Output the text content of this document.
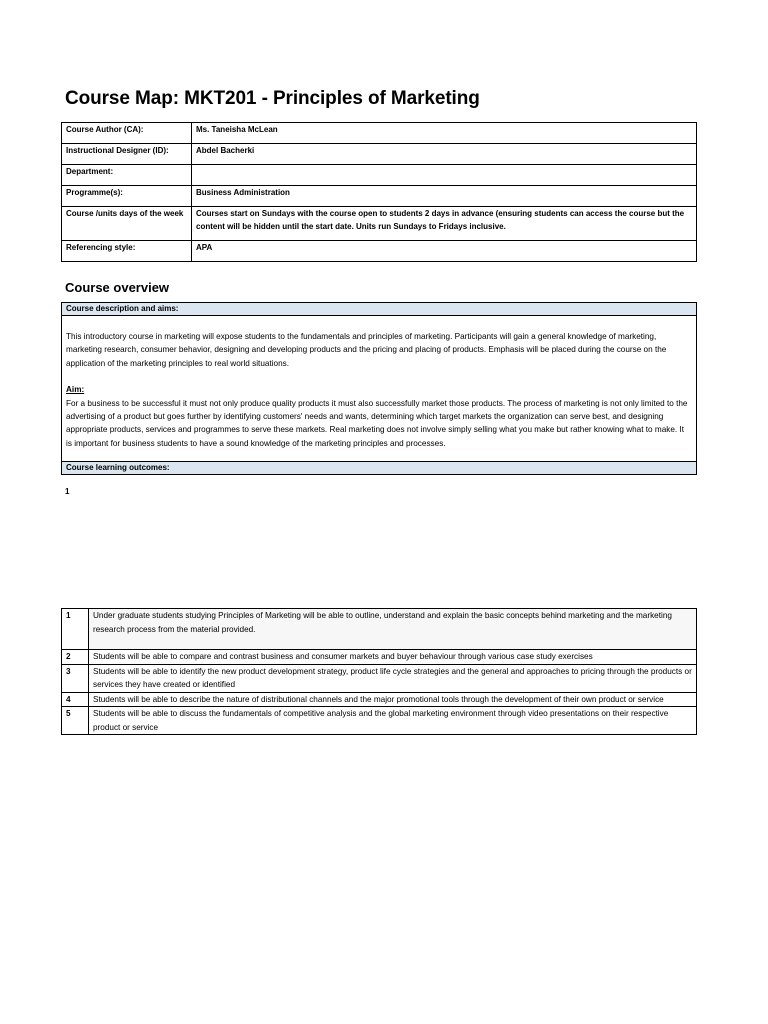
Course Map: MKT201 - Principles of Marketing
Course Author (CA):	Ms. Taneisha McLean
Instructional Designer (ID):	Abdel Bacherki
Department:	
Programme(s):	Business Administration
Course /units days of the week	Courses start on Sundays with the course open to students 2 days in advance (ensuring students can access the course but the content will be hidden until the start date. Units run Sundays to Fridays inclusive.
Referencing style:	APA
Course overview
Course description and aims:

This introductory course in marketing will expose students to the fundamentals and principles of marketing. Participants will gain a general knowledge of marketing, marketing research, consumer behavior, designing and developing products and the pricing and placing of products. Emphasis will be placed during the course on the application of the marketing principles to real world situations.

Aim:

For a business to be successful it must not only produce quality products it must also successfully market those products. The process of marketing is not only limited to the advertising of a product but goes further by identifying customers' needs and wants, determining which target markets the organization can serve best, and designing appropriate products, services and programmes to serve these markets. Real marketing does not involve simply selling what you make but rather knowing what to make. It is important for business students to have a sound knowledge of the marketing principles and processes.

Course learning outcomes:
1
1	Under graduate students studying Principles of Marketing will be able to outline, understand and explain the basic concepts behind marketing and the marketing research process from the material provided.
2	Students will be able to compare and contrast business and consumer markets and buyer behaviour through various case study exercises
3	Students will be able to identify the new product development strategy, product life cycle strategies and the general and approaches to pricing through the products or services they have created or identified
4	Students will be able to describe the nature of distributional channels and the major promotional tools through the development of their own product or service
5	Students will be able to discuss the fundamentals of competitive analysis and the global marketing environment through video presentations on their respective product or service
